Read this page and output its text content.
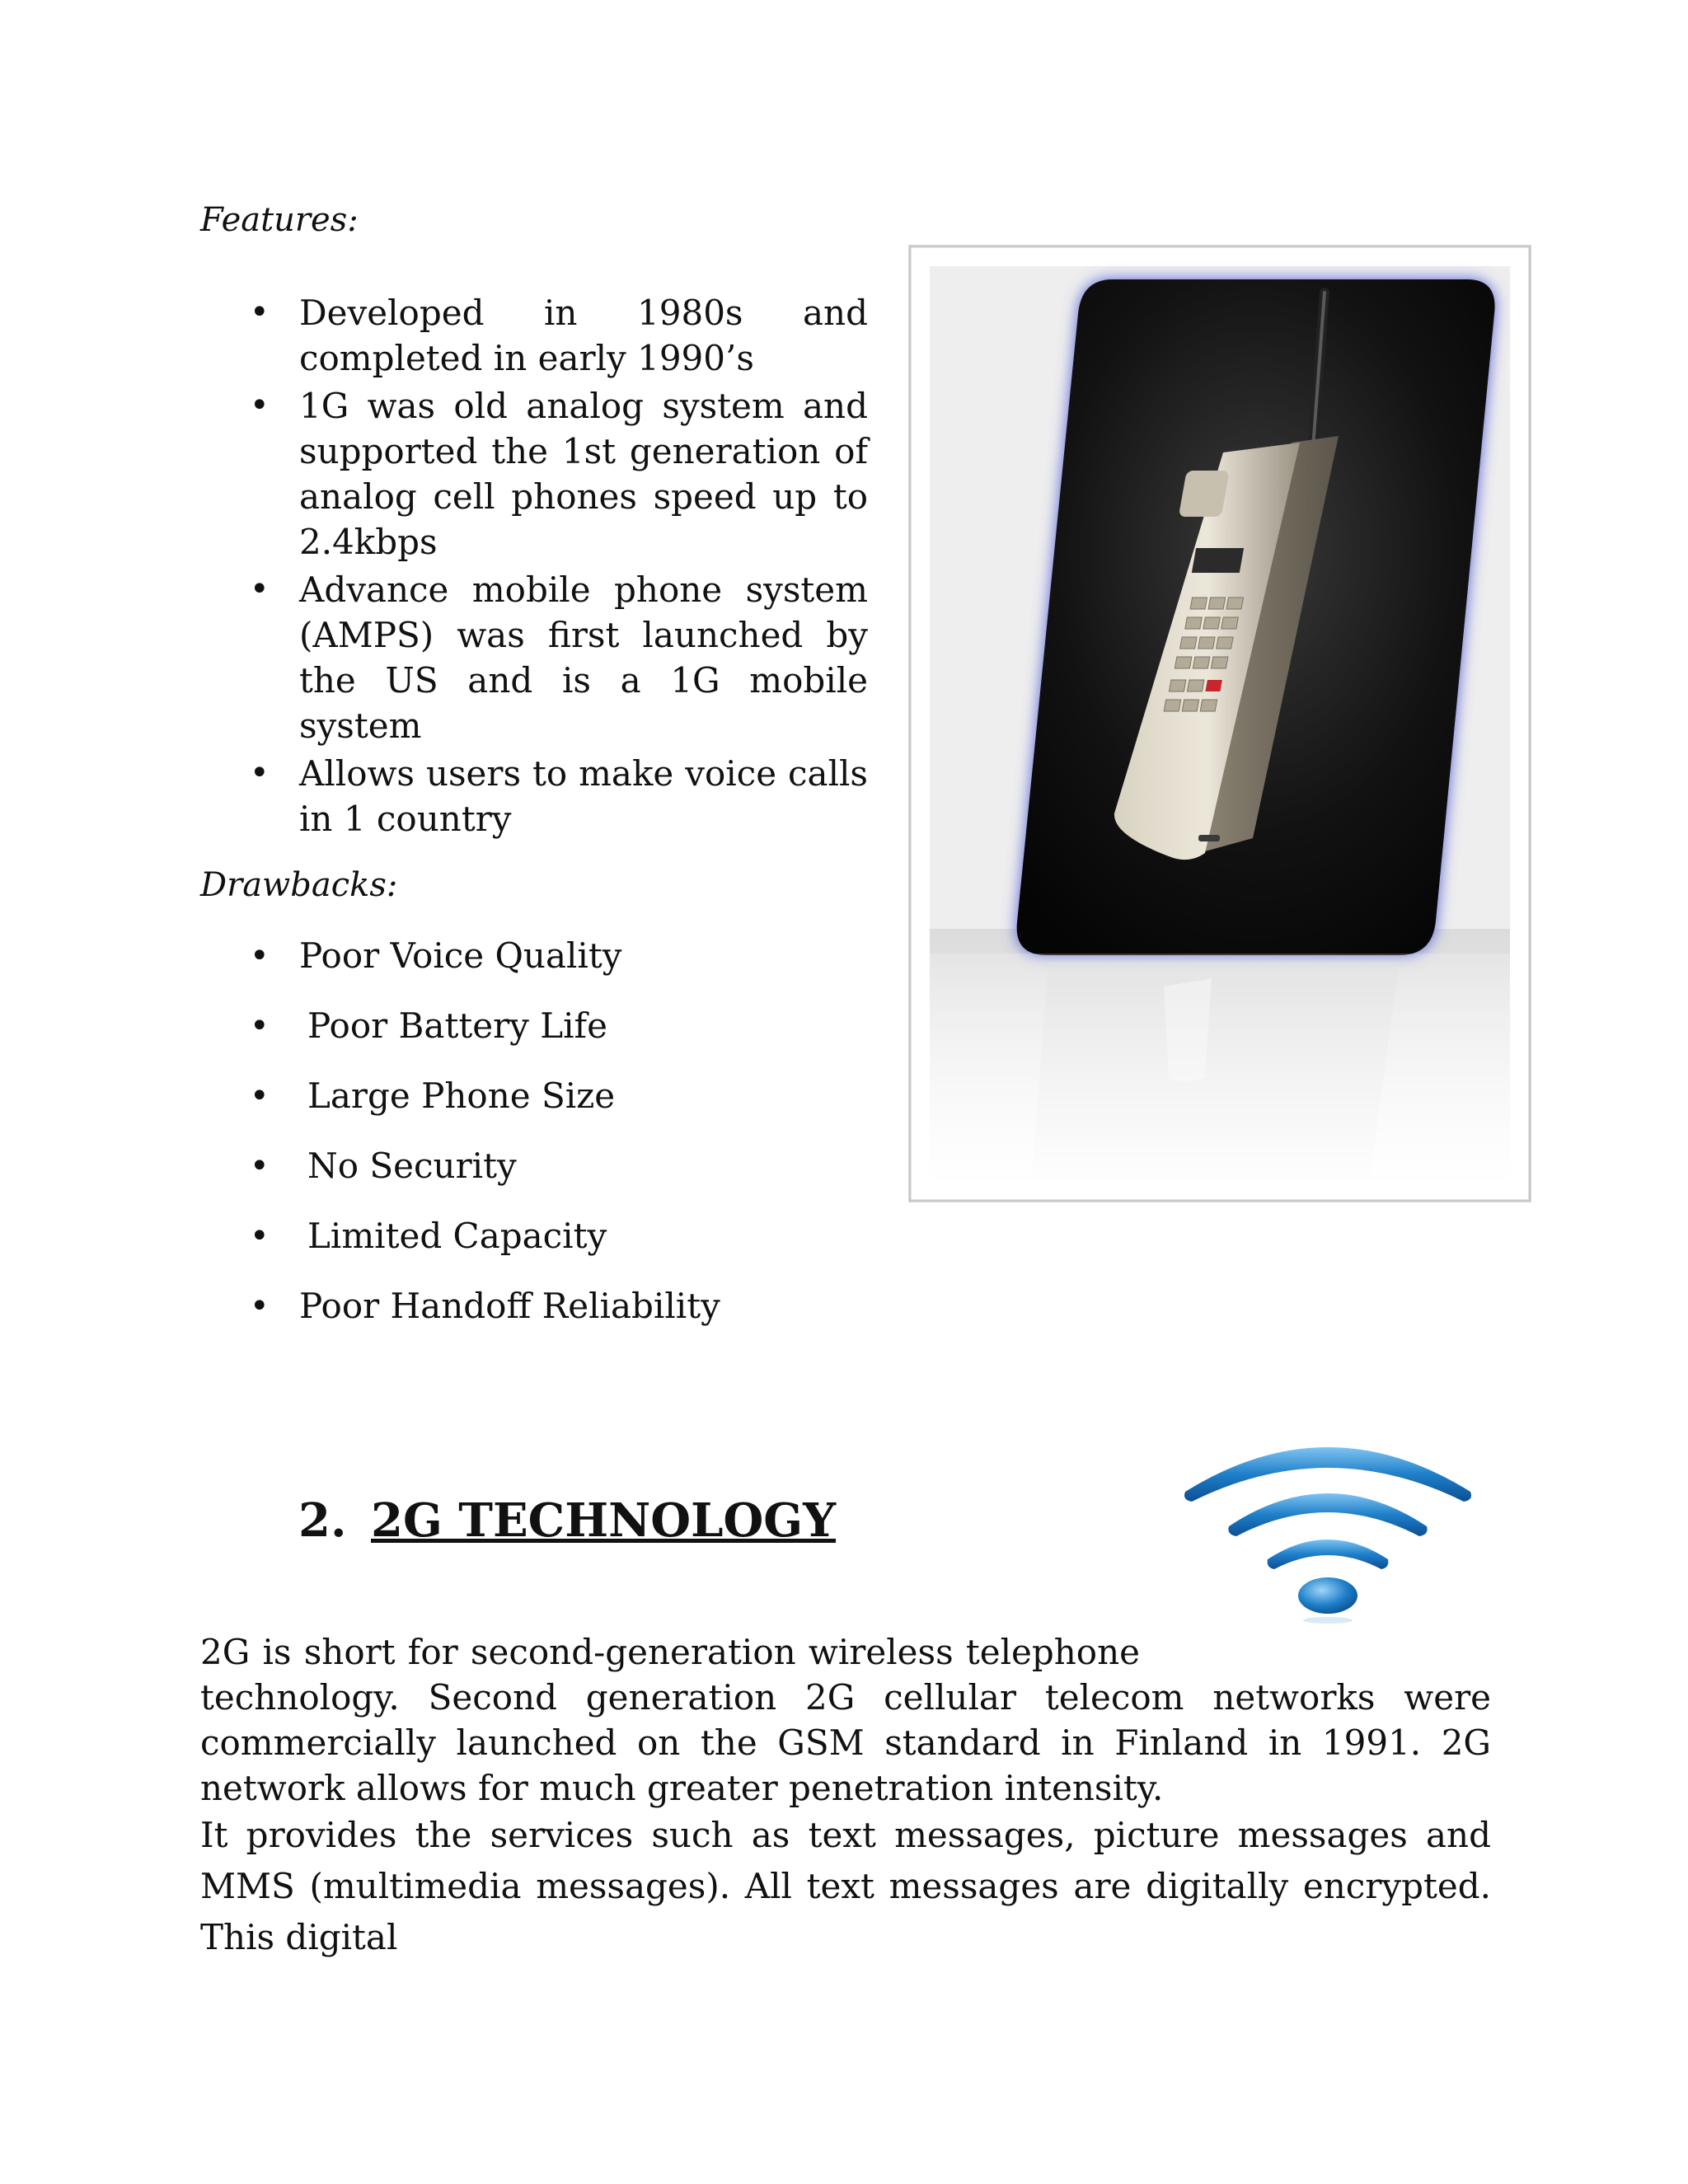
Features:
• Developed in 1980s and completed in early 1990’s
• 1G was old analog system and supported the 1st generation of analog cell phones speed up to 2.4kbps
• Advance mobile phone system (AMPS) was first launched by the US and is a 1G mobile system
• Allows users to make voice calls in 1 country
Drawbacks:
• Poor Voice Quality
• Poor Battery Life
• Large Phone Size
• No Security
• Limited Capacity
• Poor Handoff Reliability
2. 2G TECHNOLOGY
2G is short for second-generation wireless telephone
technology. Second generation 2G cellular telecom networks were commercially launched on the GSM standard in Finland in 1991. 2G network allows for much greater penetration intensity.
It provides the services such as text messages, picture messages and MMS (multimedia messages). All text messages are digitally encrypted. This digital
